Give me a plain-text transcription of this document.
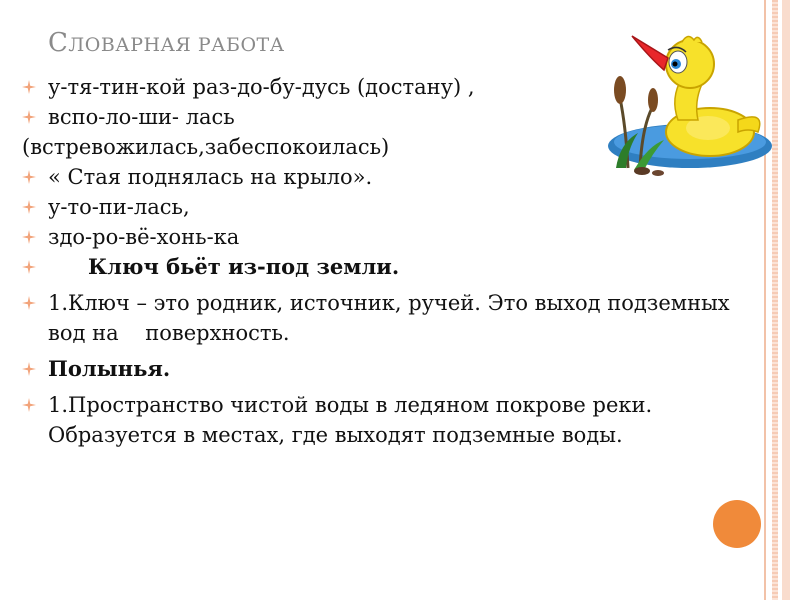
СЛОВАРНАЯ РАБОТА
у-тя-тин-кой раз-до-бу-дусь (достану) ,
вспо-ло-ши- лась
(встревожилась,забеспокоилась)
« Стая поднялась на крыло».
у-то-пи-лась,
здо-ро-вё-хонь-ка
Ключ бьёт из-под земли.
1.Ключ – это родник, источник, ручей. Это выход подземных вод на    поверхность.
Полынья.
1.Пространство чистой воды в ледяном покрове реки. Образуется в местах, где выходят подземные воды.
